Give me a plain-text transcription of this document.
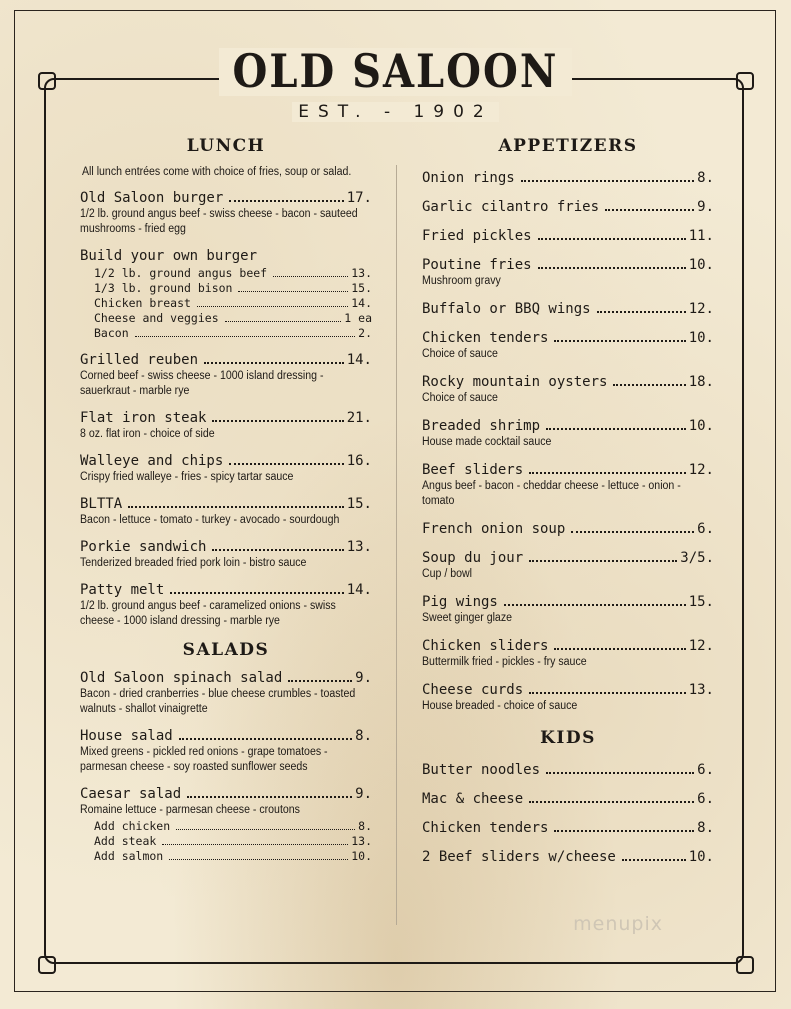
OLD SALOON
EST. - 1902
LUNCH
All lunch entrées come with choice of fries, soup or salad.
Old Saloon burger	17.
1/2 lb. ground angus beef - swiss cheese - bacon - sauteed mushrooms - fried egg
Build your own burger
1/2 lb. ground angus beef	13.
1/3 lb. ground bison	15.
Chicken breast	14.
Cheese and veggies	1 ea
Bacon	2.
Grilled reuben	14.
Corned beef - swiss cheese - 1000 island dressing - sauerkraut - marble rye
Flat iron steak	21.
8 oz. flat iron - choice of side
Walleye and chips	16.
Crispy fried walleye - fries - spicy tartar sauce
BLTTA	15.
Bacon - lettuce - tomato - turkey - avocado - sourdough
Porkie sandwich	13.
Tenderized breaded fried pork loin - bistro sauce
Patty melt	14.
1/2 lb. ground angus beef - caramelized onions - swiss cheese - 1000 island dressing - marble rye
SALADS
Old Saloon spinach salad	9.
Bacon - dried cranberries - blue cheese crumbles - toasted walnuts - shallot vinaigrette
House salad	8.
Mixed greens - pickled red onions - grape tomatoes - parmesan cheese - soy roasted sunflower seeds
Caesar salad	9.
Romaine lettuce - parmesan cheese - croutons
Add chicken	8.
Add steak	13.
Add salmon	10.
APPETIZERS
Onion rings	8.
Garlic cilantro fries	9.
Fried pickles	11.
Poutine fries	10.
Mushroom gravy
Buffalo or BBQ wings	12.
Chicken tenders	10.
Choice of sauce
Rocky mountain oysters	18.
Choice of sauce
Breaded shrimp	10.
House made cocktail sauce
Beef sliders	12.
Angus beef - bacon - cheddar cheese - lettuce - onion - tomato
French onion soup	6.
Soup du jour	3/5.
Cup / bowl
Pig wings	15.
Sweet ginger glaze
Chicken sliders	12.
Buttermilk fried - pickles - fry sauce
Cheese curds	13.
House breaded - choice of sauce
KIDS
Butter noodles	6.
Mac & cheese	6.
Chicken tenders	8.
2 Beef sliders w/cheese	10.
menupix
